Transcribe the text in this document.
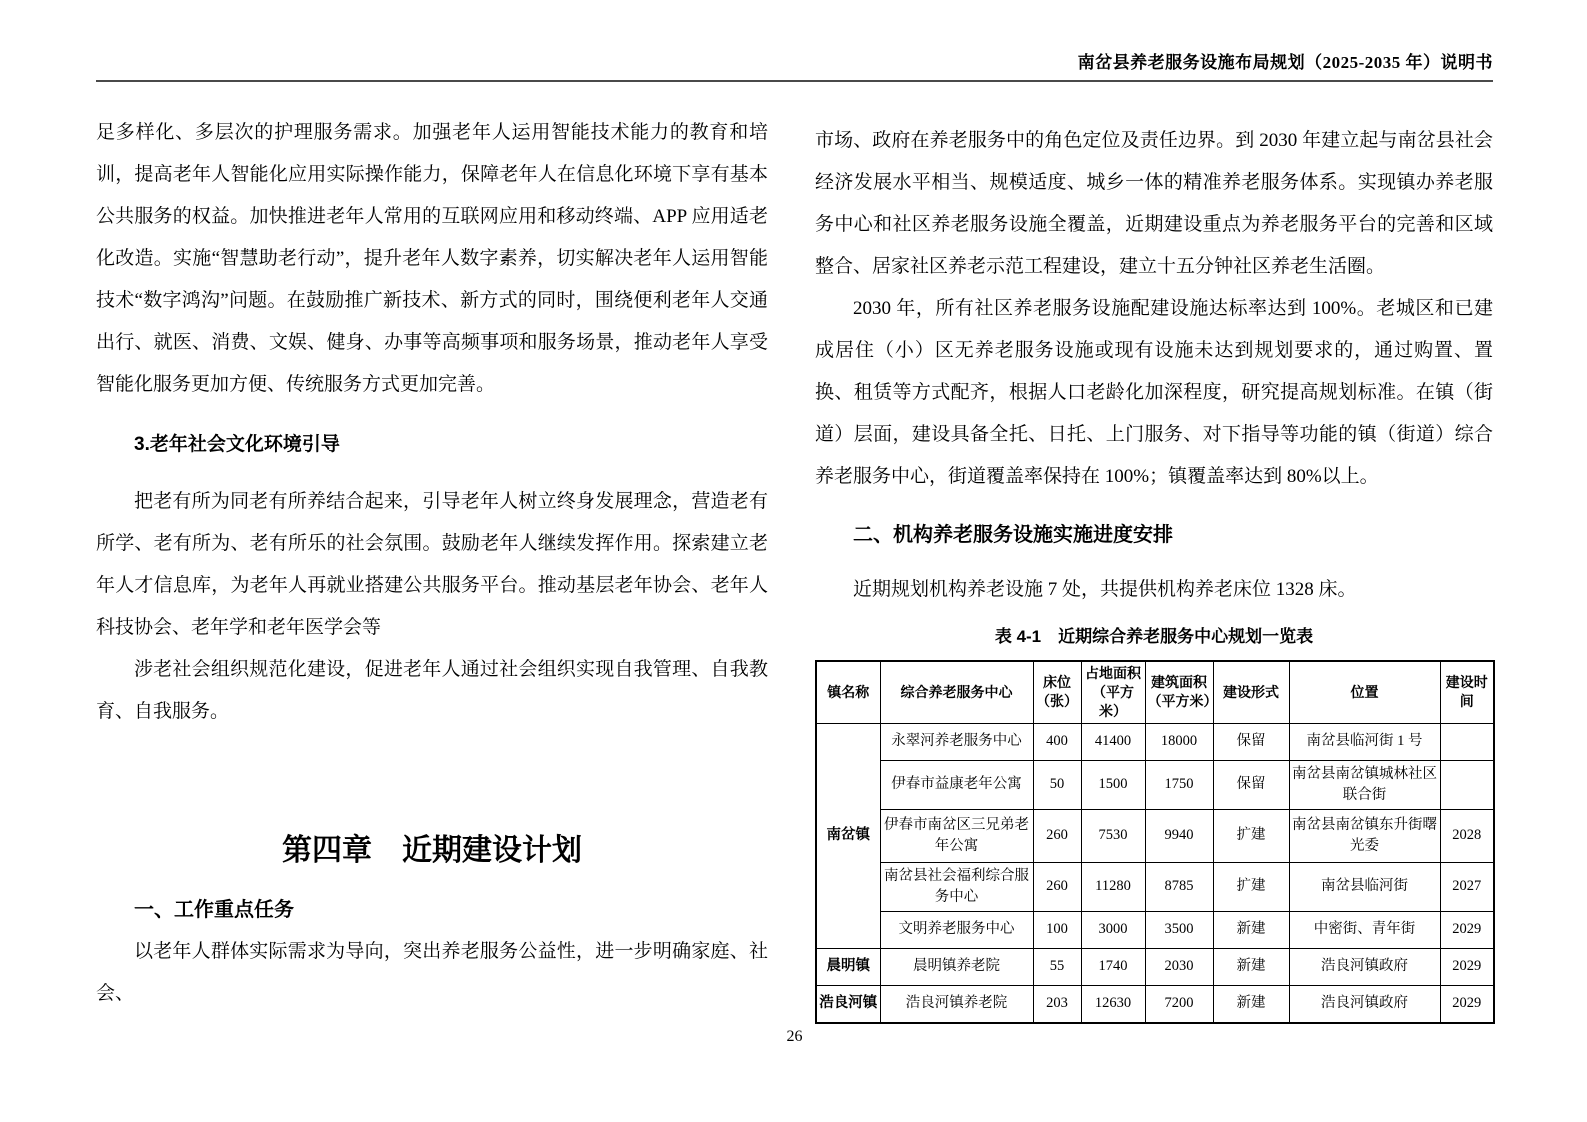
南岔县养老服务设施布局规划（2025-2035 年）说明书

足多样化、多层次的护理服务需求。加强老年人运用智能技术能力的教育和培训，提高老年人智能化应用实际操作能力，保障老年人在信息化环境下享有基本公共服务的权益。加快推进老年人常用的互联网应用和移动终端、APP 应用适老化改造。实施“智慧助老行动”，提升老年人数字素养，切实解决老年人运用智能技术“数字鸿沟”问题。在鼓励推广新技术、新方式的同时，围绕便利老年人交通出行、就医、消费、文娱、健身、办事等高频事项和服务场景，推动老年人享受智能化服务更加方便、传统服务方式更加完善。

3.老年社会文化环境引导

把老有所为同老有所养结合起来，引导老年人树立终身发展理念，营造老有所学、老有所为、老有所乐的社会氛围。鼓励老年人继续发挥作用。探索建立老年人才信息库，为老年人再就业搭建公共服务平台。推动基层老年协会、老年人科技协会、老年学和老年医学会等

涉老社会组织规范化建设，促进老年人通过社会组织实现自我管理、自我教育、自我服务。

第四章　近期建设计划

一、工作重点任务

以老年人群体实际需求为导向，突出养老服务公益性，进一步明确家庭、社会、

市场、政府在养老服务中的角色定位及责任边界。到 2030 年建立起与南岔县社会经济发展水平相当、规模适度、城乡一体的精准养老服务体系。实现镇办养老服务中心和社区养老服务设施全覆盖，近期建设重点为养老服务平台的完善和区域整合、居家社区养老示范工程建设，建立十五分钟社区养老生活圈。

2030 年，所有社区养老服务设施配建设施达标率达到 100%。老城区和已建成居住（小）区无养老服务设施或现有设施未达到规划要求的，通过购置、置换、租赁等方式配齐，根据人口老龄化加深程度，研究提高规划标准。在镇（街道）层面，建设具备全托、日托、上门服务、对下指导等功能的镇（街道）综合养老服务中心，街道覆盖率保持在 100%；镇覆盖率达到 80%以上。

二、机构养老服务设施实施进度安排

近期规划机构养老设施 7 处，共提供机构养老床位 1328 床。

表 4-1　近期综合养老服务中心规划一览表

镇名称	综合养老服务中心	床位（张）	占地面积（平方米）	建筑面积（平方米）	建设形式	位置	建设时间
南岔镇	永翠河养老服务中心	400	41400	18000	保留	南岔县临河街 1 号	
	伊春市益康老年公寓	50	1500	1750	保留	南岔县南岔镇城林社区联合街	
	伊春市南岔区三兄弟老年公寓	260	7530	9940	扩建	南岔县南岔镇东升街曙光委	2028
	南岔县社会福利综合服务中心	260	11280	8785	扩建	南岔县临河街	2027
	文明养老服务中心	100	3000	3500	新建	中密街、青年街	2029
晨明镇	晨明镇养老院	55	1740	2030	新建	浩良河镇政府	2029
浩良河镇	浩良河镇养老院	203	12630	7200	新建	浩良河镇政府	2029
26
